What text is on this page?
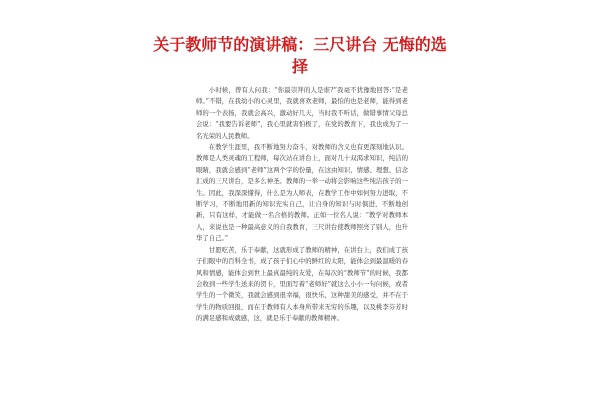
关于教师节的演讲稿：三尺讲台 无悔的选
择

小时候，曾有人问我：“你最崇拜的人是谁?”我毫不犹豫地回答:“是老师。”不错，在我幼小的心灵里，我就喜欢老师，最怕的也是老师，能得到老师的一个表扬，我就会高兴，激动好几天，当时我不听话，做错事情父母总会说：“我要告诉老师”，我心里就害怕极了，在党的教育下，我也成为了一名光荣的人民教师。

在教学生涯里，我不断地努力奋斗，对教师的含义也有更深刻地认识。教师是人类灵魂的工程师，每次站在讲台上，面对几十双渴求知识，纯洁的眼睛，我就会感到“老师”这两个字的份量，在这由知识、情感、理想、信念汇成的三尺讲台，是多么神圣。教师的一举一动将会影响这些纯洁孩子的一生。因此，我深深懂得，什么是为人师表，在教学工作中如何努力进取，不断学习，不断地用新的知识充实自己，让自身的知识与时俱进，不断地创新，只有这样，才能做一名合格的教师。正如一位名人说：“教学对教师本人，来说也是一种最高意义的自我教育，三尺讲台使教师照亮了别人，也升华了自己。”

甘愿吃苦，乐于奉献，这就形成了教师的精神，在讲台上，我们成了孩子们眼中的百科全书，成了孩子们心中的鲜红的太阳，能体会到最温暖的春风和情感，能体会到世上最真最纯的友爱，在每次的“教师节”的时候，我都会收到一些学生送来的贺卡，里面写着“老师好”就这么小小一句问候，或者学生的一个微笑，我就会感到很幸福，很快乐，这种甜美的感受，并不在于学生的物质回报，而在于教师有人本身所带来无穷的乐趣，以及桃李芬芳时的满足感和成就感，这，就是乐于奉献的教师精神。
